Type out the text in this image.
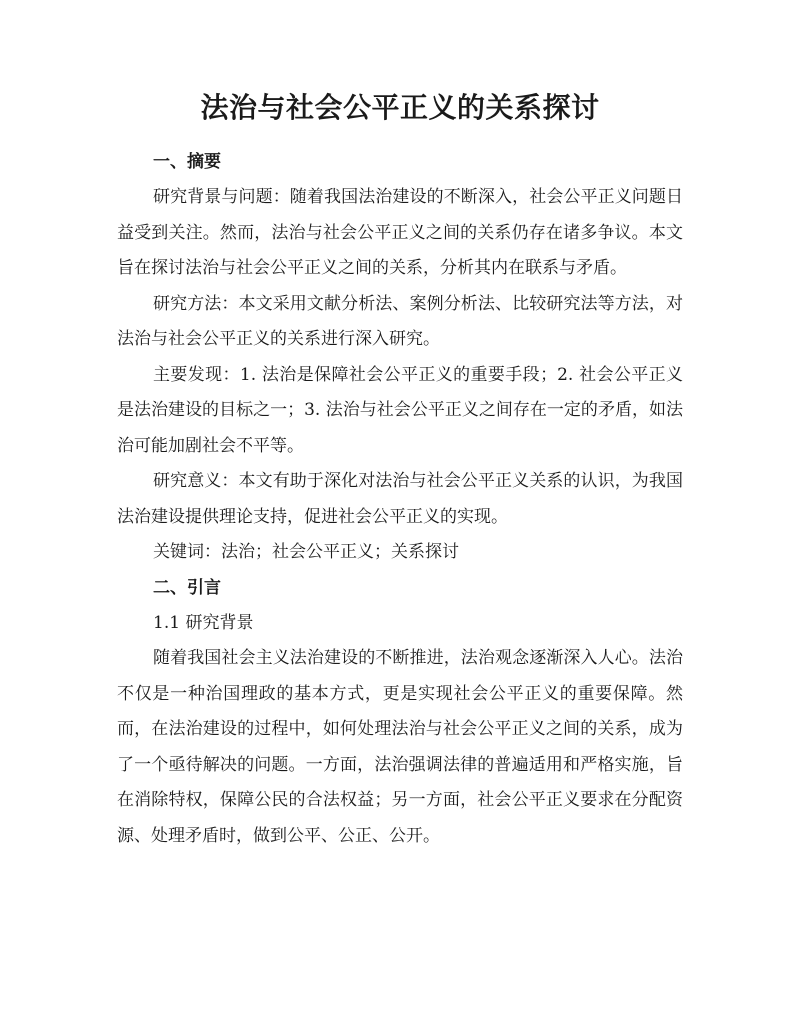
法治与社会公平正义的关系探讨
一、摘要

研究背景与问题：随着我国法治建设的不断深入，社会公平正义问题日益受到关注。然而，法治与社会公平正义之间的关系仍存在诸多争议。本文旨在探讨法治与社会公平正义之间的关系，分析其内在联系与矛盾。

研究方法：本文采用文献分析法、案例分析法、比较研究法等方法，对法治与社会公平正义的关系进行深入研究。

主要发现：1. 法治是保障社会公平正义的重要手段；2. 社会公平正义是法治建设的目标之一；3. 法治与社会公平正义之间存在一定的矛盾，如法治可能加剧社会不平等。

研究意义：本文有助于深化对法治与社会公平正义关系的认识，为我国法治建设提供理论支持，促进社会公平正义的实现。

关键词：法治；社会公平正义；关系探讨

二、引言

1.1 研究背景

随着我国社会主义法治建设的不断推进，法治观念逐渐深入人心。法治不仅是一种治国理政的基本方式，更是实现社会公平正义的重要保障。然而，在法治建设的过程中，如何处理法治与社会公平正义之间的关系，成为了一个亟待解决的问题。一方面，法治强调法律的普遍适用和严格实施，旨在消除特权，保障公民的合法权益；另一方面，社会公平正义要求在分配资源、处理矛盾时，做到公平、公正、公开。
